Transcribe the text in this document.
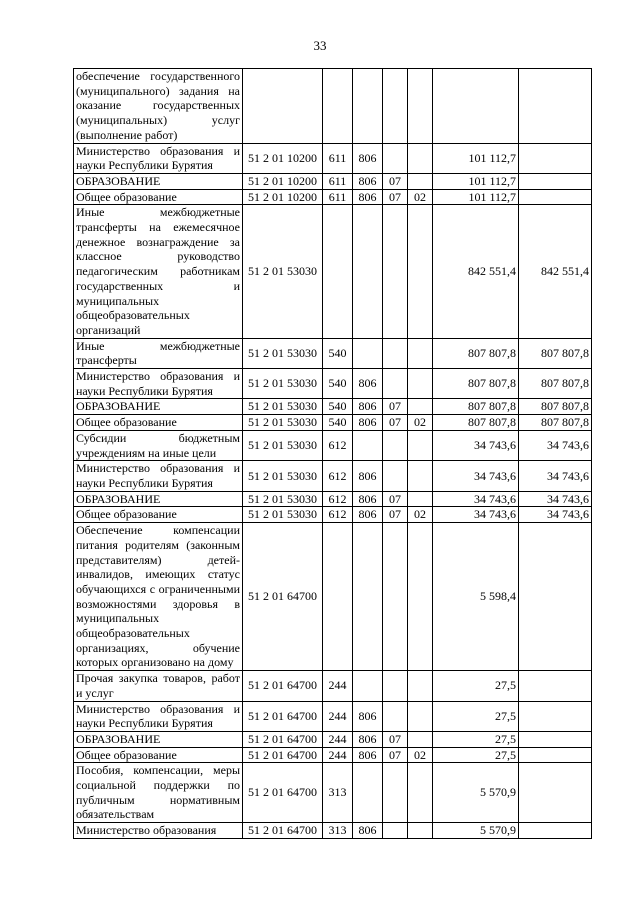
33
обеспечение государственного (муниципального) задания на оказание государственных (муниципальных) услуг (выполнение работ)							

Министерство образования и науки Республики Бурятия	51 2 01 10200	611	806			101 112,7	

ОБРАЗОВАНИЕ	51 2 01 10200	611	806	07		101 112,7	

Общее образование	51 2 01 10200	611	806	07	02	101 112,7	

Иные межбюджетные трансферты на ежемесячное денежное вознаграждение за классное руководство педагогическим работникам государственных и муниципальных общеобразовательных организаций	51 2 01 53030					842 551,4	842 551,4

Иные межбюджетные трансферты	51 2 01 53030	540				807 807,8	807 807,8

Министерство образования и науки Республики Бурятия	51 2 01 53030	540	806			807 807,8	807 807,8

ОБРАЗОВАНИЕ	51 2 01 53030	540	806	07		807 807,8	807 807,8

Общее образование	51 2 01 53030	540	806	07	02	807 807,8	807 807,8

Субсидии бюджетным учреждениям на иные цели	51 2 01 53030	612				34 743,6	34 743,6

Министерство образования и науки Республики Бурятия	51 2 01 53030	612	806			34 743,6	34 743,6

ОБРАЗОВАНИЕ	51 2 01 53030	612	806	07		34 743,6	34 743,6

Общее образование	51 2 01 53030	612	806	07	02	34 743,6	34 743,6

Обеспечение компенсации питания родителям (законным представителям) детей-инвалидов, имеющих статус обучающихся с ограниченными возможностями здоровья в муниципальных общеобразовательных организациях, обучение которых организовано на дому	51 2 01 64700					5 598,4	

Прочая закупка товаров, работ и услуг	51 2 01 64700	244				27,5	

Министерство образования и науки Республики Бурятия	51 2 01 64700	244	806			27,5	

ОБРАЗОВАНИЕ	51 2 01 64700	244	806	07		27,5	

Общее образование	51 2 01 64700	244	806	07	02	27,5	

Пособия, компенсации, меры социальной поддержки по публичным нормативным обязательствам	51 2 01 64700	313				5 570,9	

Министерство образования	51 2 01 64700	313	806			5 570,9	
